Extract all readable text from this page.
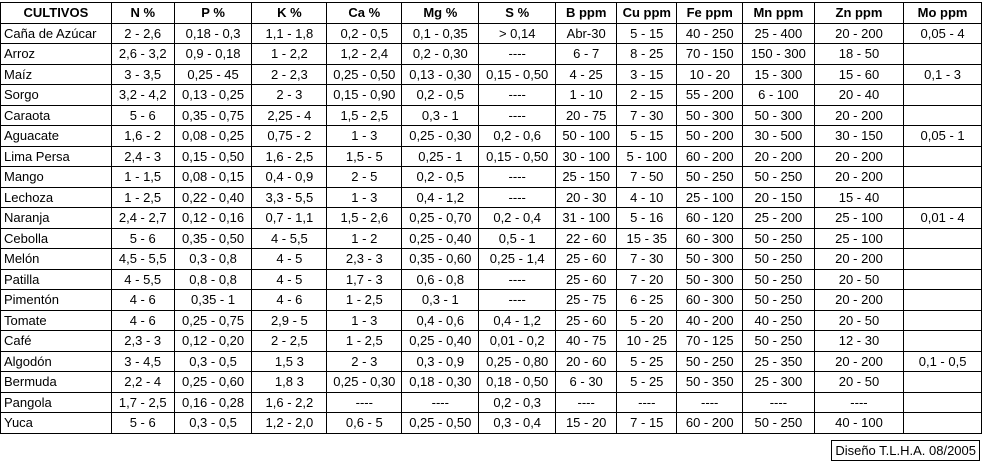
CULTIVOS	N %	P %	K %	Ca %	Mg %	S %	B ppm	Cu ppm	Fe ppm	Mn ppm	Zn ppm	Mo ppm
Caña de Azúcar	2 - 2,6	0,18 - 0,3	1,1 - 1,8	0,2 - 0,5	0,1 - 0,35	> 0,14	Abr-30	5 - 15	40 - 250	25 - 400	20 - 200	0,05 - 4
Arroz	2,6 - 3,2	0,9 - 0,18	1 - 2,2	1,2 - 2,4	0,2 - 0,30	----	6 - 7	8 - 25	70 - 150	150 - 300	18 - 50	
Maíz	3 - 3,5	0,25 - 45	2 - 2,3	0,25 - 0,50	0,13 - 0,30	0,15 - 0,50	4 - 25	3 - 15	10 - 20	15 - 300	15 - 60	0,1 - 3
Sorgo	3,2 - 4,2	0,13 - 0,25	2 - 3	0,15 - 0,90	0,2 - 0,5	----	1 - 10	2 - 15	55 - 200	6 - 100	20 - 40	
Caraota	5 - 6	0,35 - 0,75	2,25 - 4	1,5 - 2,5	0,3 - 1	----	20 - 75	7 - 30	50 - 300	50 - 300	20 - 200	
Aguacate	1,6 - 2	0,08 - 0,25	0,75 - 2	1 - 3	0,25 - 0,30	0,2 - 0,6	50 - 100	5 - 15	50 - 200	30 - 500	30 - 150	0,05 - 1
Lima Persa	2,4 - 3	0,15 - 0,50	1,6 - 2,5	1,5 - 5	0,25 - 1	0,15 - 0,50	30 - 100	5 - 100	60 - 200	20 - 200	20 - 200	
Mango	1 - 1,5	0,08 - 0,15	0,4 - 0,9	2 - 5	0,2 - 0,5	----	25 - 150	7 - 50	50 - 250	50 - 250	20 - 200	
Lechoza	1 - 2,5	0,22 - 0,40	3,3 - 5,5	1 - 3	0,4 - 1,2	----	20 - 30	4 - 10	25 - 100	20 - 150	15 - 40	
Naranja	2,4 - 2,7	0,12 - 0,16	0,7 - 1,1	1,5 - 2,6	0,25 - 0,70	0,2 - 0,4	31 - 100	5 - 16	60 - 120	25 - 200	25 - 100	0,01 - 4
Cebolla	5 - 6	0,35 - 0,50	4 - 5,5	1 - 2	0,25 - 0,40	0,5 - 1	22 - 60	15 - 35	60 - 300	50 - 250	25 - 100	
Melón	4,5 - 5,5	0,3 - 0,8	4 - 5	2,3 - 3	0,35 - 0,60	0,25 - 1,4	25 - 60	7 - 30	50 - 300	50 - 250	20 - 200	
Patilla	4 - 5,5	0,8 - 0,8	4 - 5	1,7 - 3	0,6 - 0,8	----	25 - 60	7 - 20	50 - 300	50 - 250	20 - 50	
Pimentón	4 - 6	0,35 - 1	4 - 6	1 - 2,5	0,3 - 1	----	25 - 75	6 - 25	60 - 300	50 - 250	20 - 200	
Tomate	4 - 6	0,25 - 0,75	2,9 - 5	1 - 3	0,4 - 0,6	0,4 - 1,2	25 - 60	5 - 20	40 - 200	40 - 250	20 - 50	
Café	2,3 - 3	0,12 - 0,20	2 - 2,5	1 - 2,5	0,25 - 0,40	0,01 - 0,2	40 - 75	10 - 25	70 - 125	50 - 250	12 - 30	
Algodón	3 - 4,5	0,3 - 0,5	1,5 3	2 - 3	0,3 - 0,9	0,25 - 0,80	20 - 60	5 - 25	50 - 250	25 - 350	20 - 200	0,1 - 0,5
Bermuda	2,2 - 4	0,25 - 0,60	1,8 3	0,25 - 0,30	0,18 - 0,30	0,18 - 0,50	6 - 30	5 - 25	50 - 350	25 - 300	20 - 50	
Pangola	1,7 - 2,5	0,16 - 0,28	1,6 - 2,2	----	----	0,2 - 0,3	----	----	----	----	----	
Yuca	5 - 6	0,3 - 0,5	1,2 - 2,0	0,6 - 5	0,25 - 0,50	0,3 - 0,4	15 - 20	7 - 15	60 - 200	50 - 250	40 - 100	
Diseño T.L.H.A. 08/2005
